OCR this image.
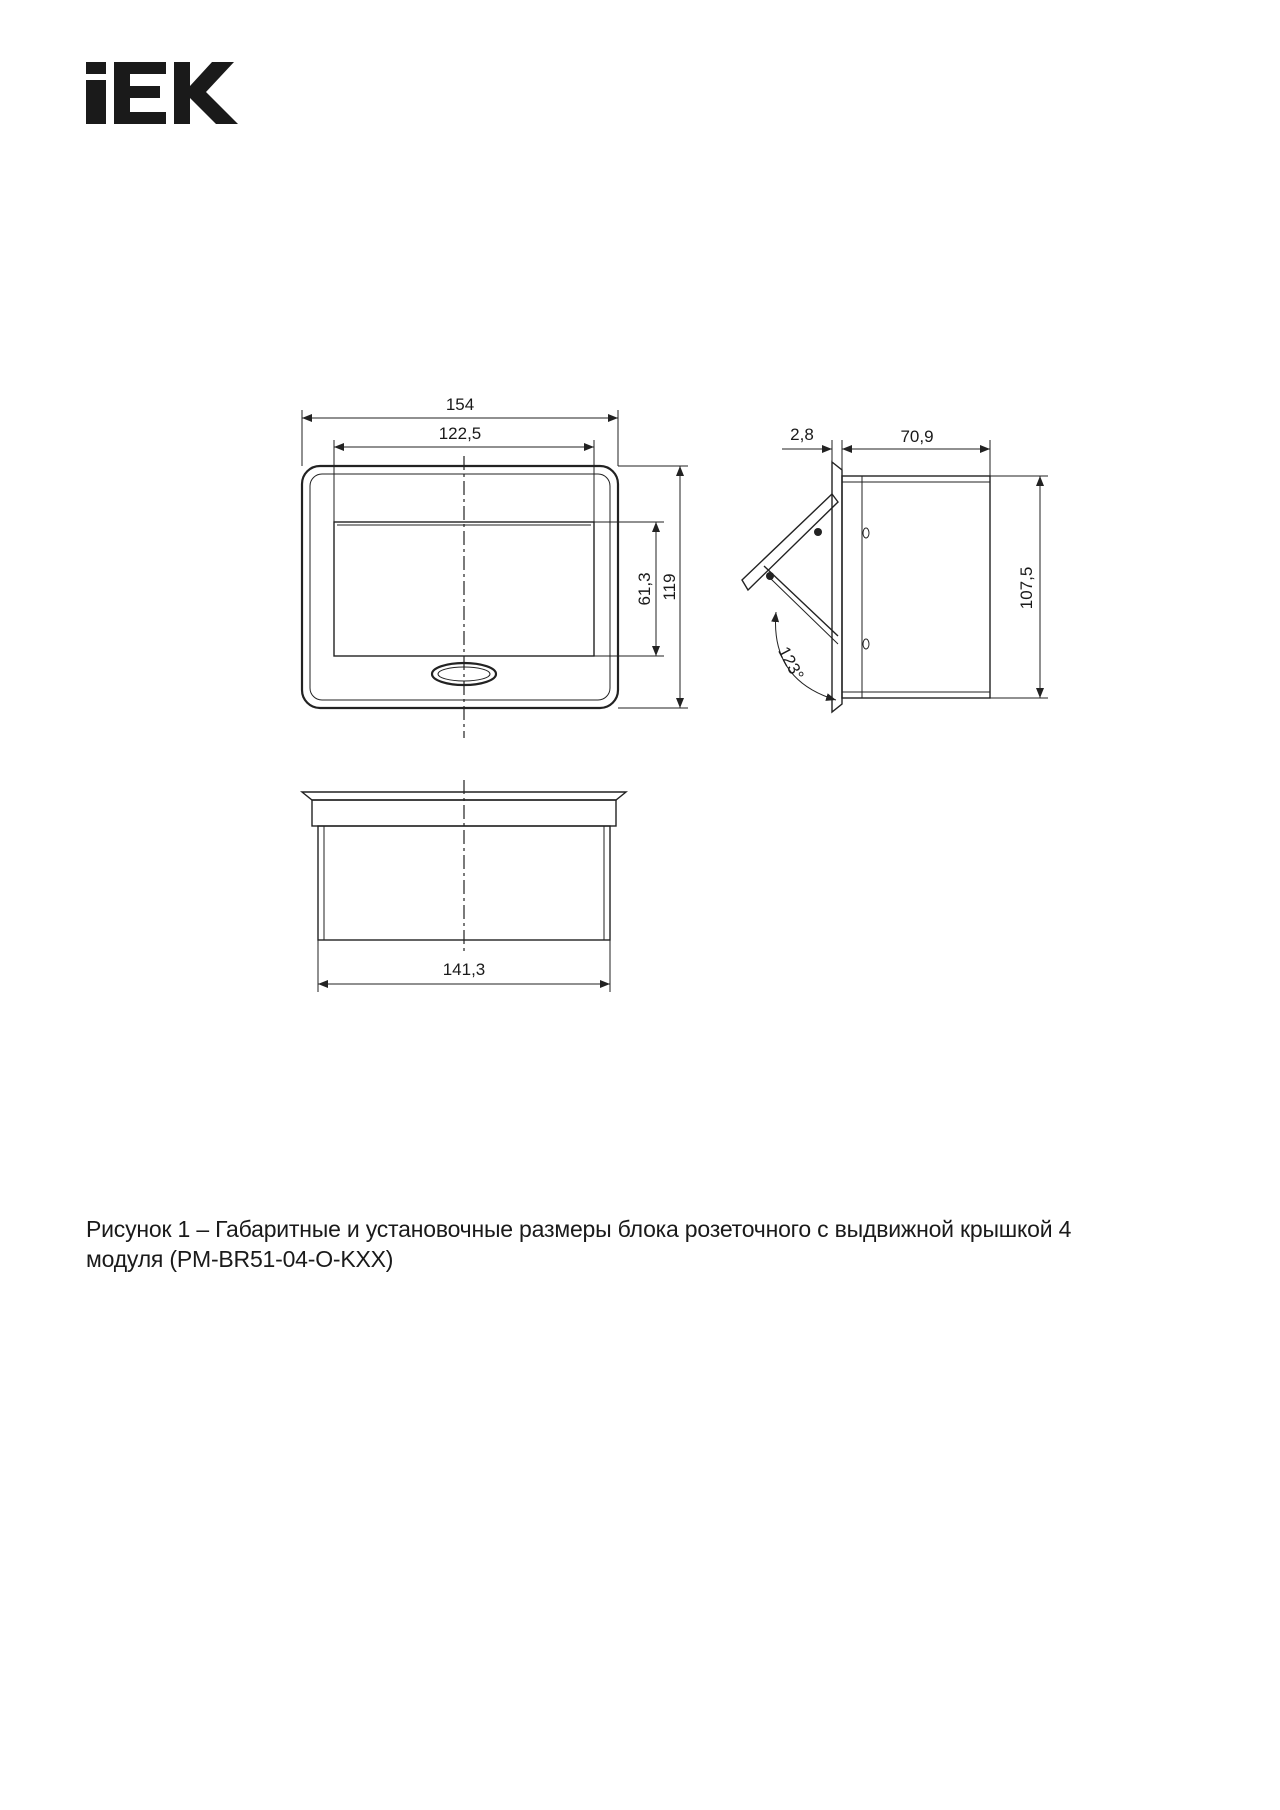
154
122,5
119
61,3
2,8	70,9
107,5
123°
141,3
Рисунок 1 – Габаритные и установочные размеры блока розеточного с выдвижной крышкой 4
модуля (PM-BR51-04-O-KXX)
